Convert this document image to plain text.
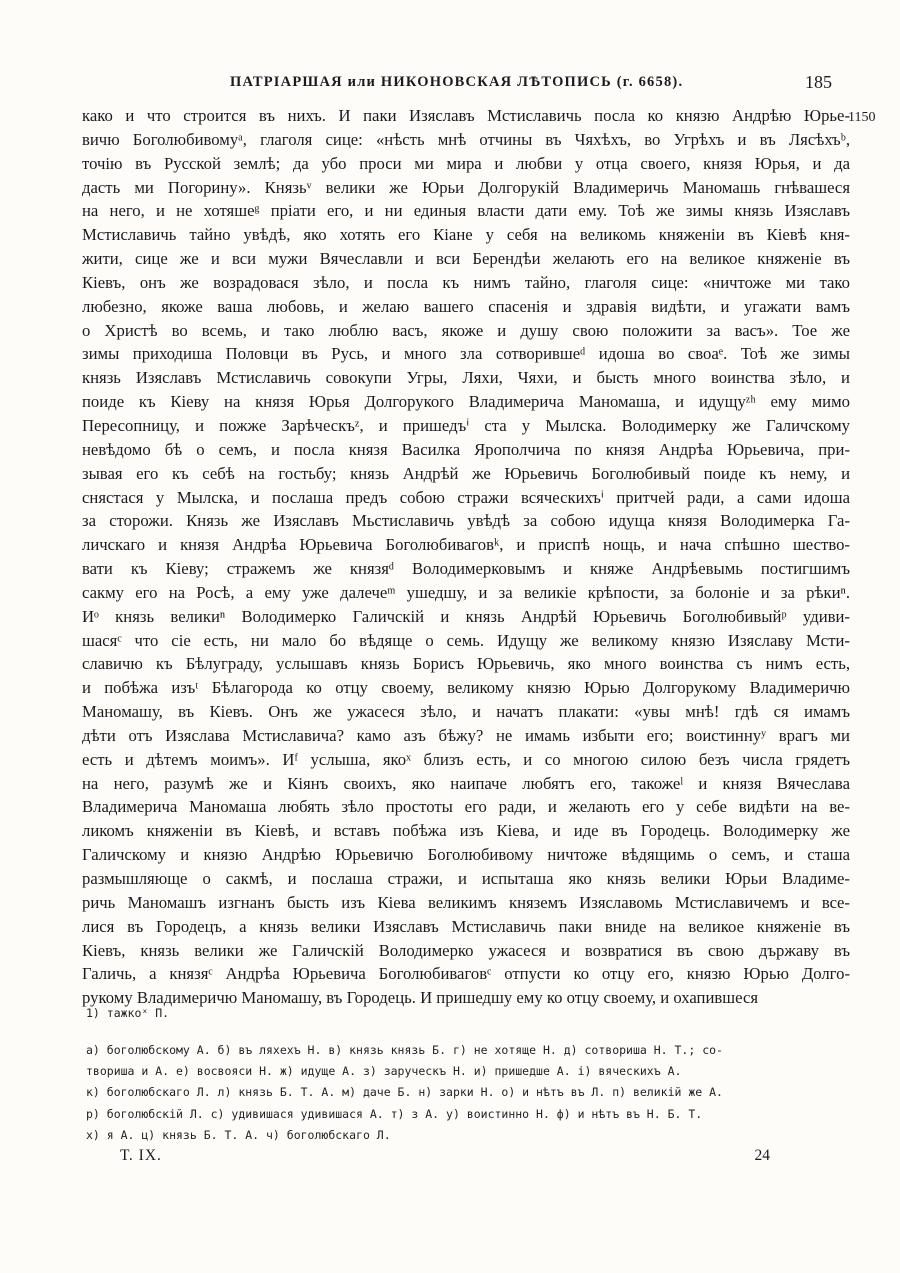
ПАТРІАРШАЯ или НИКОНОВСКАЯ ЛѢТОПИСЬ (г. 6658).	185
1150
како и что строится въ нихъ. И паки Изяславъ Мстиславичь посла ко князю Андрѣю Юрье-
вичю Боголюбивомуᵃ, глаголя сице: «нѣсть мнѣ отчины въ Чяхѣхъ, во Угрѣхъ и въ Лясѣхъᵇ,
точію въ Русской землѣ; да убо проси ми мира и любви у отца своего, князя Юрья, и да
дасть ми Погорину». Князьᵛ велики же Юрьи Долгорукій Владимеричь Маномашь гнѣвашеся
на него, и не хотяшеᵍ пріати его, и ни единыя власти дати ему. Тоѣ же зимы князь Изяславъ
Мстиславичь тайно увѣдѣ, яко хотять его Кіане у себя на великомь княженіи въ Кіевѣ кня-
жити, сице же и вси мужи Вячеславли и вси Берендѣи желають его на великое княженіе въ
Кіевъ, онъ же возрадовася зѣло, и посла къ нимъ тайно, глаголя сице: «ничтоже ми тако
любезно, якоже ваша любовь, и желаю вашего спасенія и здравія видѣти, и угажати вамъ
о Христѣ во всемь, и тако люблю васъ, якоже и душу свою положити за васъ». Тое же
зимы приходиша Половци въ Русь, и много зла сотворившеᵈ идоша во своаᵉ. Тоѣ же зимы
князь Изяславъ Мстиславичь совокупи Угры, Ляхи, Чяхи, и бысть много воинства зѣло, и
поиде къ Кіеву на князя Юрья Долгорукого Владимерича Маномаша, и идущуᶻʰ ему мимо
Пересопницу, и пожже Зарѣческъᶻ, и пришедъⁱ ста у Мылска. Володимерку же Галичскому
невѣдомо бѣ о семъ, и посла князя Василка Ярополчича по князя Андрѣа Юрьевича, при-
зывая его къ себѣ на гостьбу; князь Андрѣй же Юрьевичь Боголюбивый поиде къ нему, и
снястася у Мылска, и послаша предъ собою стражи всяческихъⁱ притчей ради, а сами идоша
за сторожи. Князь же Изяславъ Мьстиславичь увѣдѣ за собою идуща князя Володимерка Га-
личскаго и князя Андрѣа Юрьевича Боголюбиваговᵏ, и приспѣ нощь, и нача спѣшно шество-
вати къ Кіеву; стражемъ же князяᵈ Володимерковымъ и княже Андрѣевымь постигшимъ
сакму его на Росѣ, а ему уже далечеᵐ ушедшу, и за великіе крѣпости, за болоніе и за рѣкиⁿ.
Иᵒ князь великиⁿ Володимерко Галичскій и князь Андрѣй Юрьевичь Боголюбивыйᵖ удиви-
шасяᶜ что сіе есть, ни мало бо вѣдяще о семь. Идущу же великому князю Изяславу Мсти-
славичю къ Бѣлуграду, услышавъ князь Борисъ Юрьевичь, яко много воинства съ нимъ есть,
и побѣжа изъᵗ Бѣлагорода ко отцу своему, великому князю Юрью Долгорукому Владимеричю
Маномашу, въ Кіевъ. Онъ же ужасеся зѣло, и начатъ плакати: «увы мнѣ! гдѣ ся имамъ
дѣти отъ Изяслава Мстиславича? камо азъ бѣжу? не имамь избыти его; воистиннуʸ врагъ ми
есть и дѣтемъ моимъ». Иᶠ услыша, якоˣ близъ есть, и со многою силою безъ числа грядетъ
на него, разумѣ же и Кіянъ своихъ, яко наипаче любятъ его, такожеˡ и князя Вячеслава
Владимерича Маномаша любять зѣло простоты его ради, и желають его у себе видѣти на ве-
ликомъ княженіи въ Кіевѣ, и вставъ побѣжа изъ Кіева, и иде въ Городець. Володимерку же
Галичскому и князю Андрѣю Юрьевичю Боголюбивому ничтоже вѣдящимь о семъ, и сташа
размышляюще о сакмѣ, и послаша стражи, и испыташа яко князь велики Юрьи Владиме-
ричь Маномашъ изгнанъ бысть изъ Кіева великимъ княземъ Изяславомь Мстиславичемъ и всe-
лися въ Городецъ, а князь велики Изяславъ Мстиславичь паки вниде на великое княженіе въ
Кіевъ, князь велики же Галичскій Володимерко ужасеся и возвратися въ свою държаву въ
Галичь, а князяᶜ Андрѣа Юрьевича Боголюбиваговᶜ отпусти ко отцу его, князю Юрью Долго-
рукому Владимеричю Маномашу, въ Городець. И пришедшу ему ко отцу своему, и охапившеся
1) тажкоˣ П.
а) боголюбскому А. б) въ ляхехъ Н. в) князь князь Б. г) не хотяще Н. д) сотвориша Н. Т.; со-
твориша и А. е) восвояси Н. ж) идуще А. з) заруческъ Н. и) пришедше А. і) вяческихъ А.
к) боголюбскаго Л. л) князь Б. Т. А. м) даче Б. н) зарки Н. о) и нѣтъ въ Л. п) великій же А.
р) боголюбскій Л. с) удивишася удивишася А. т) з А. у) воистинно Н. ф) и нѣтъ въ Н. Б. Т.
х) я А. ц) князь Б. Т. А. ч) боголюбскаго Л.
Т. IX.	24
